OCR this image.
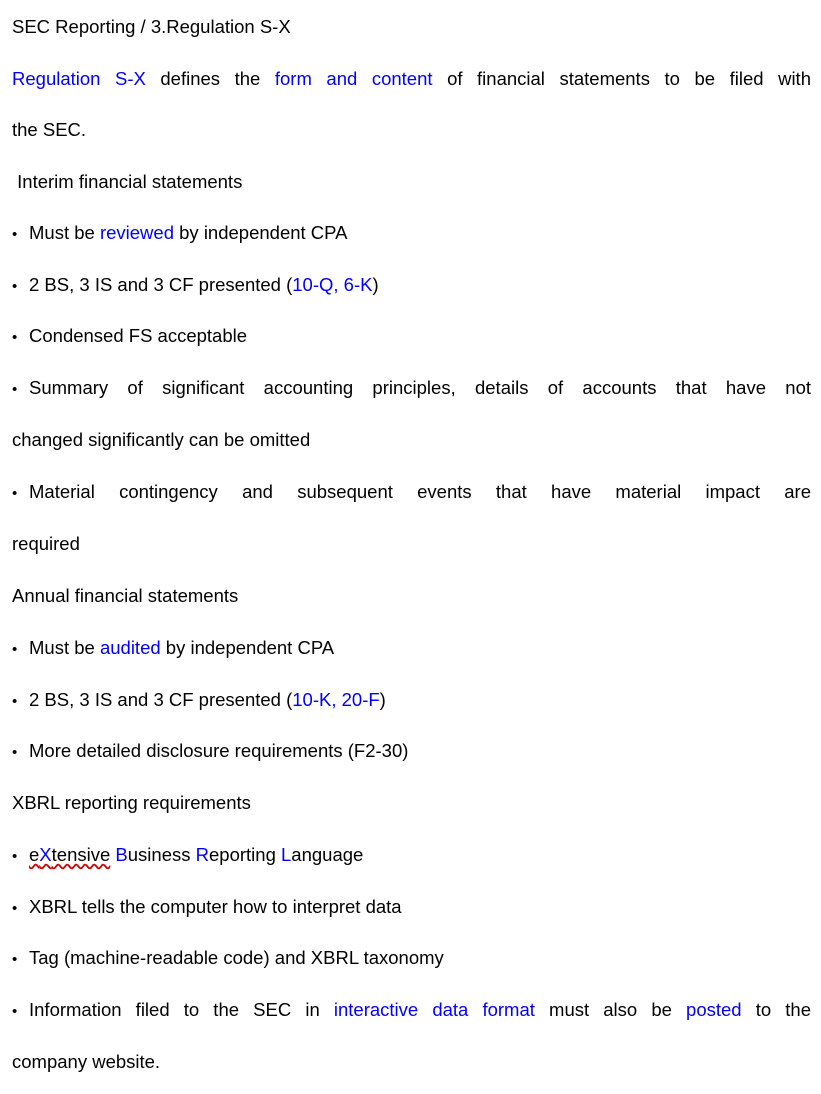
SEC Reporting / 3.Regulation S-X
Regulation S-X defines the form and content of financial statements to be filed with
the SEC.
Interim financial statements
• Must be reviewed by independent CPA
• 2 BS, 3 IS and 3 CF presented (10-Q, 6-K)
• Condensed FS acceptable
• Summary of significant accounting principles, details of accounts that have not
changed significantly can be omitted
• Material contingency and subsequent events that have material impact are
required
Annual financial statements
• Must be audited by independent CPA
• 2 BS, 3 IS and 3 CF presented (10-K, 20-F)
• More detailed disclosure requirements (F2-30)
XBRL reporting requirements
• eXtensive Business Reporting Language
• XBRL tells the computer how to interpret data
• Tag (machine-readable code) and XBRL taxonomy
• Information filed to the SEC in interactive data format must also be posted to the
company website.
